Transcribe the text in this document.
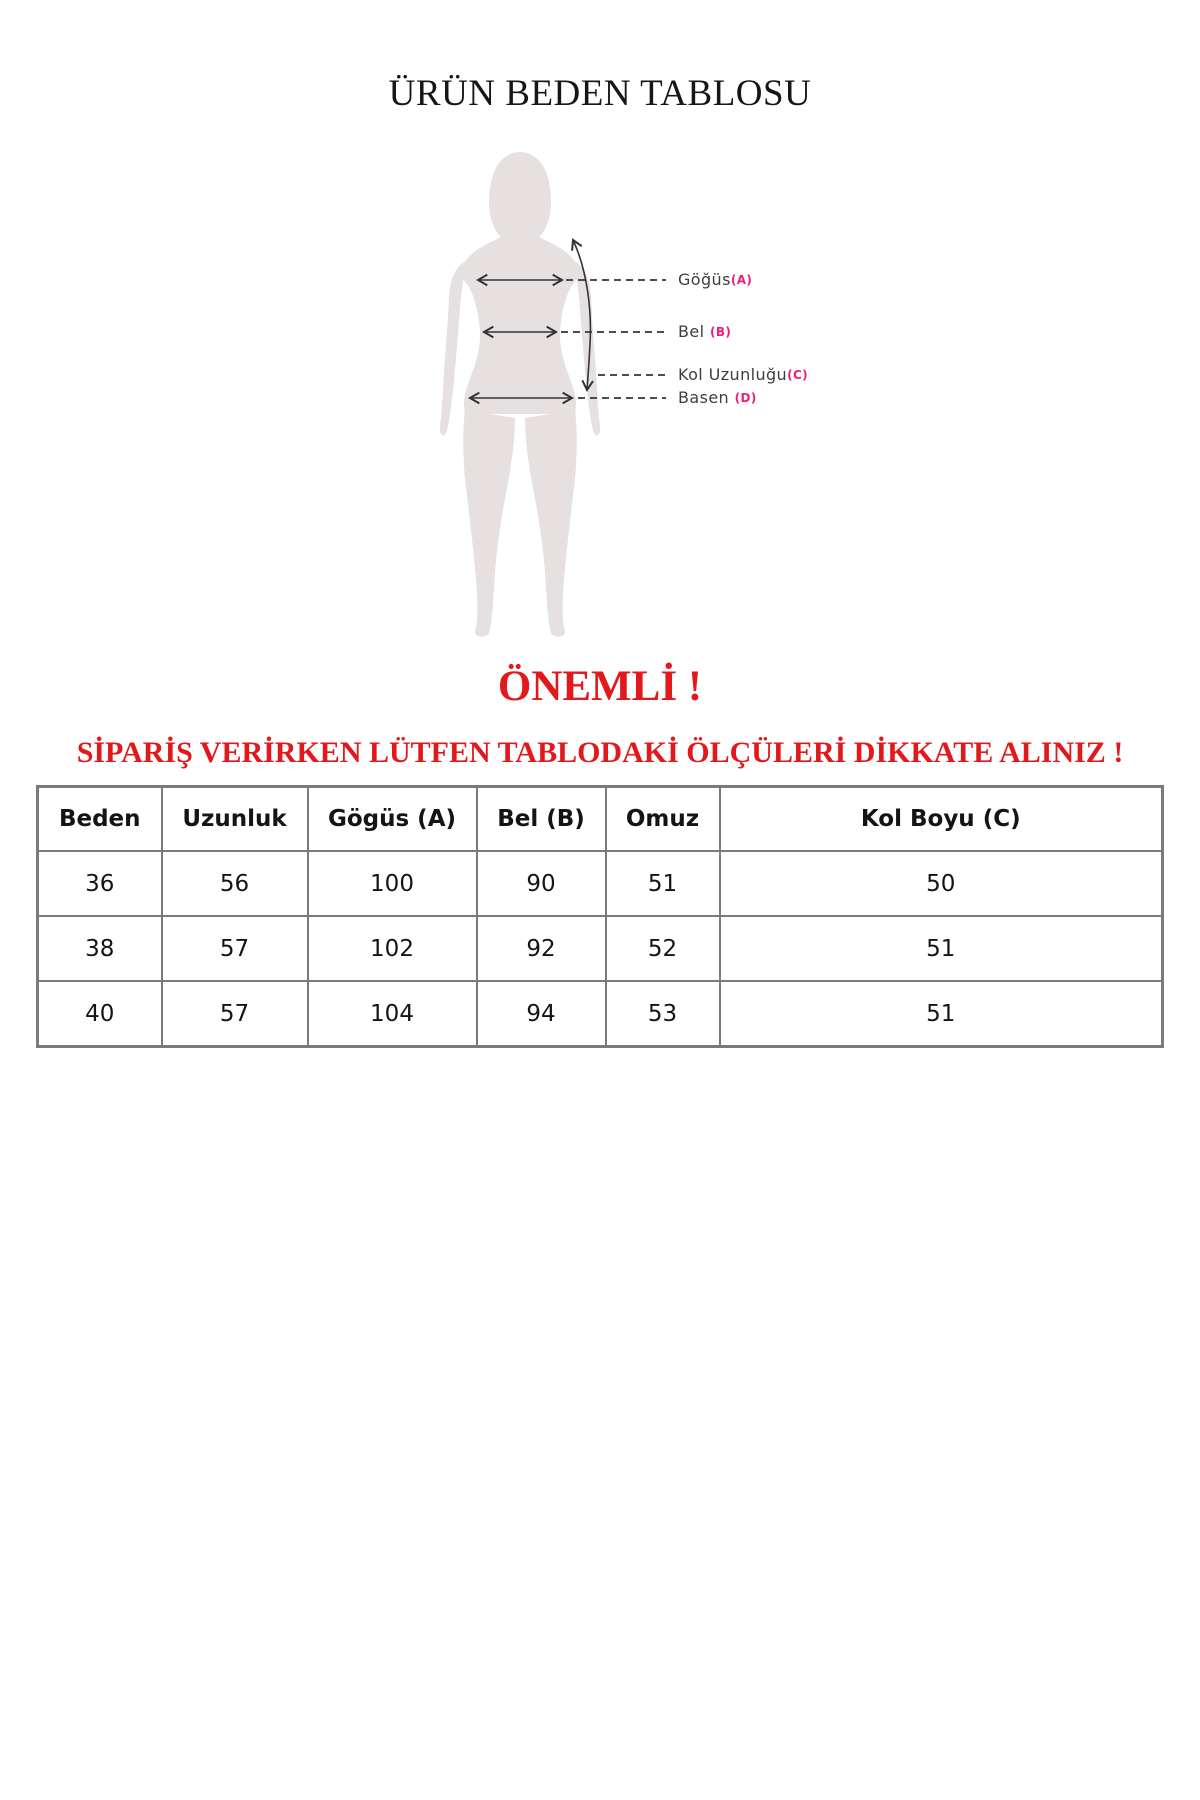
ÜRÜN BEDEN TABLOSU
Göğüs(A)
Bel (B)
Kol Uzunluğu(C)
Basen (D)
ÖNEMLİ !
SİPARİŞ VERİRKEN LÜTFEN TABLODAKİ ÖLÇÜLERİ DİKKATE ALINIZ !
Beden	Uzunluk	Gögüs (A)	Bel (B)	Omuz	Kol Boyu (C)
36	56	100	90	51	50
38	57	102	92	52	51
40	57	104	94	53	51
